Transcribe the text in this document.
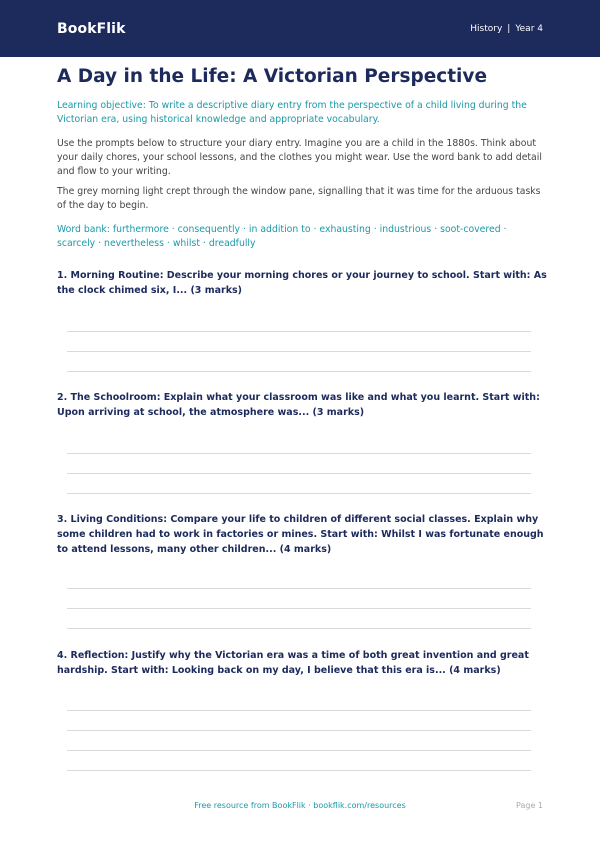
BookFlik	History | Year 4
A Day in the Life: A Victorian Perspective

Learning objective: To write a descriptive diary entry from the perspective of a child living during the Victorian era, using historical knowledge and appropriate vocabulary.

Use the prompts below to structure your diary entry. Imagine you are a child in the 1880s. Think about your daily chores, your school lessons, and the clothes you might wear. Use the word bank to add detail and flow to your writing.

The grey morning light crept through the window pane, signalling that it was time for the arduous tasks of the day to begin.

Word bank: furthermore · consequently · in addition to · exhausting · industrious · soot-covered · scarcely · nevertheless · whilst · dreadfully

1. Morning Routine: Describe your morning chores or your journey to school. Start with: As the clock chimed six, I... (3 marks)
2. The Schoolroom: Explain what your classroom was like and what you learnt. Start with: Upon arriving at school, the atmosphere was... (3 marks)
3. Living Conditions: Compare your life to children of different social classes. Explain why some children had to work in factories or mines. Start with: Whilst I was fortunate enough to attend lessons, many other children... (4 marks)
4. Reflection: Justify why the Victorian era was a time of both great invention and great hardship. Start with: Looking back on my day, I believe that this era is... (4 marks)
Free resource from BookFlik · bookflik.com/resources	Page 1
